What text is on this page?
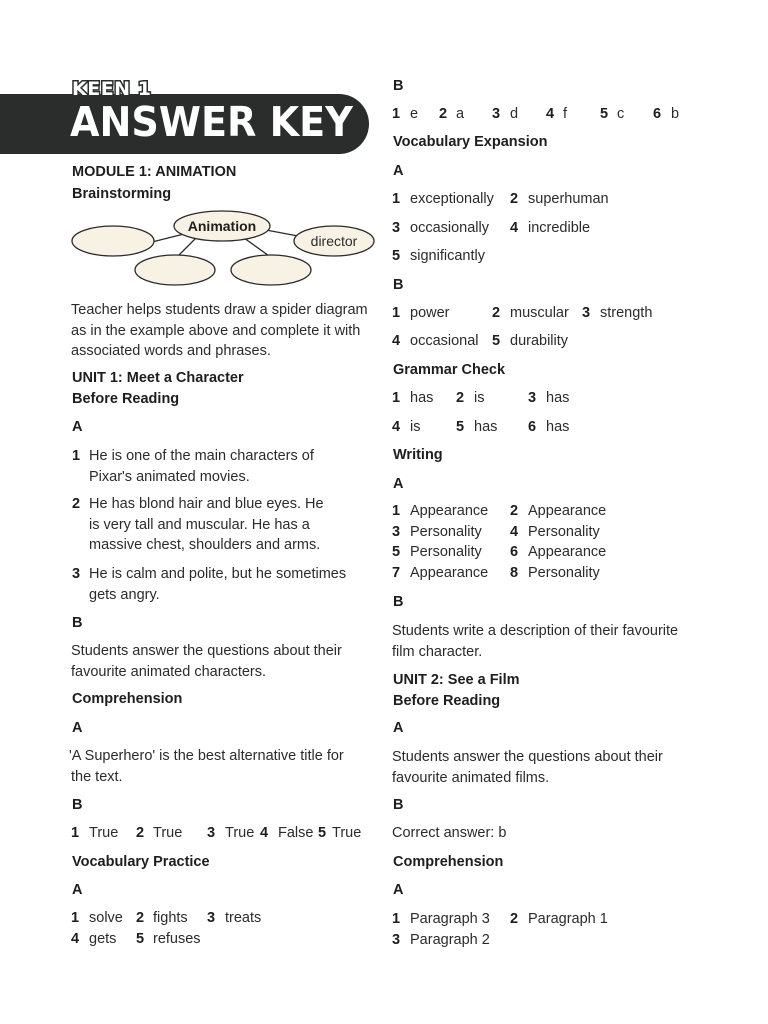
KEEN 1
ANSWER KEY
MODULE 1: ANIMATION
Brainstorming
Animation
director
Teacher helps students draw a spider diagram
as in the example above and complete it with
associated words and phrases.
UNIT 1: Meet a Character
Before Reading
A
1 He is one of the main characters of
Pixar's animated movies.
2 He has blond hair and blue eyes. He
is very tall and muscular. He has a
massive chest, shoulders and arms.
3 He is calm and polite, but he sometimes
gets angry.
B
Students answer the questions about their
favourite animated characters.
Comprehension
A
'A Superhero' is the best alternative title for
the text.
B
1 True 2 True 3 True 4 False 5 True
Vocabulary Practice
A
1 solve 2 fights 3 treats
4 gets 5 refuses
B
1 e 2 a 3 d 4 f 5 c 6 b
Vocabulary Expansion
A
1 exceptionally 2 superhuman
3 occasionally 4 incredible
5 significantly
B
1 power	2 muscular 3 strength
4 occasional 5 durability
Grammar Check
1 has 2 is	3 has
4 is 5 has 6 has
Writing
A
1 Appearance 2 Appearance
3 Personality 4 Personality
5 Personality 6 Appearance
7 Appearance 8 Personality
B
Students write a description of their favourite
film character.
UNIT 2: See a Film
Before Reading
A
Students answer the questions about their
favourite animated films.
B
Correct answer: b
Comprehension
A
1 Paragraph 3 2 Paragraph 1
3 Paragraph 2
